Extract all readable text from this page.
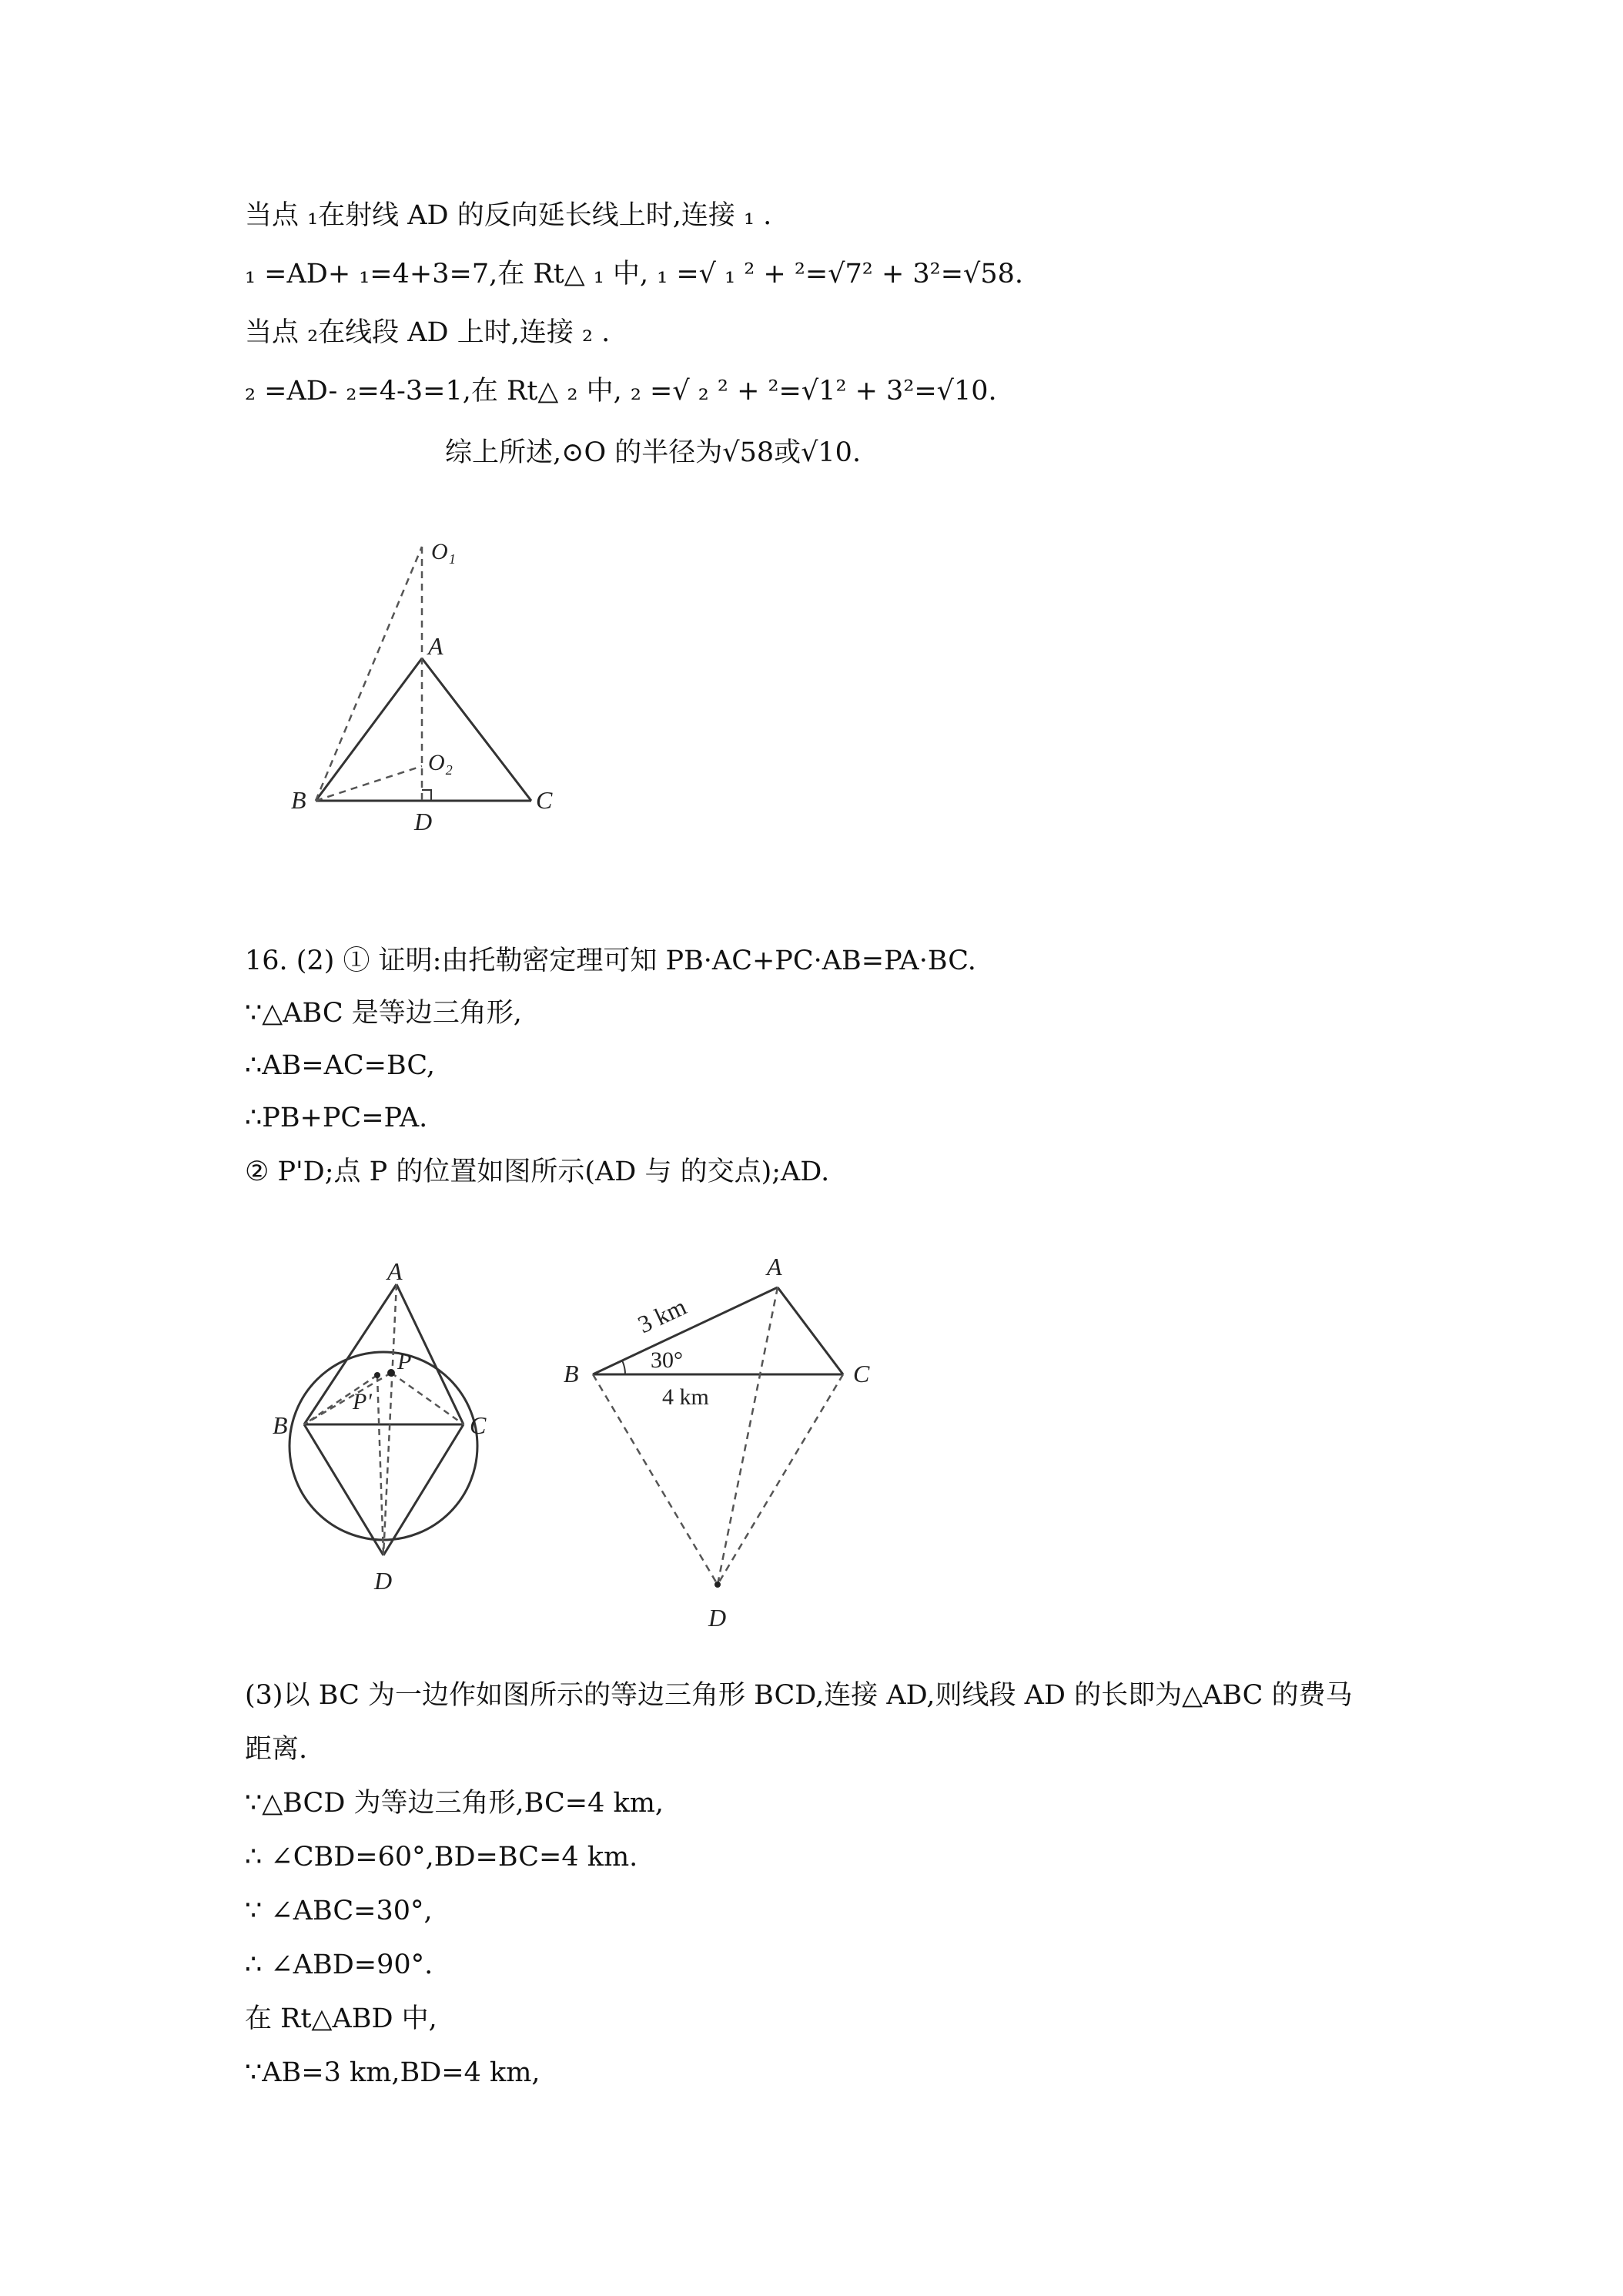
当点 ₁在射线 AD 的反向延长线上时,连接 ₁ .
₁ =AD+ ₁=4+3=7,在 Rt△ ₁ 中, ₁ =√ ₁ ² + ²=√7² + 3²=√58.
当点 ₂在线段 AD 上时,连接 ₂ .
₂ =AD- ₂=4-3=1,在 Rt△ ₂ 中, ₂ =√ ₂ ² + ²=√1² + 3²=√10.
综上所述,⊙O 的半径为√58或√10.
O₁
A
O₂
B
D
C
16. (2) ① 证明:由托勒密定理可知 PB·AC+PC·AB=PA·BC.
∵△ABC 是等边三角形,
∴AB=AC=BC,
∴PB+PC=PA.
② P'D;点 P 的位置如图所示(AD 与 的交点);AD.
A
P
P'
B	C
D
A
B	C
D
3 km
30°
4 km
(3)以 BC 为一边作如图所示的等边三角形 BCD,连接 AD,则线段 AD 的长即为△ABC 的费马
距离.
∵△BCD 为等边三角形,BC=4 km,
∴ ∠CBD=60°,BD=BC=4 km.
∵ ∠ABC=30°,
∴ ∠ABD=90°.
在 Rt△ABD 中,
∵AB=3 km,BD=4 km,
